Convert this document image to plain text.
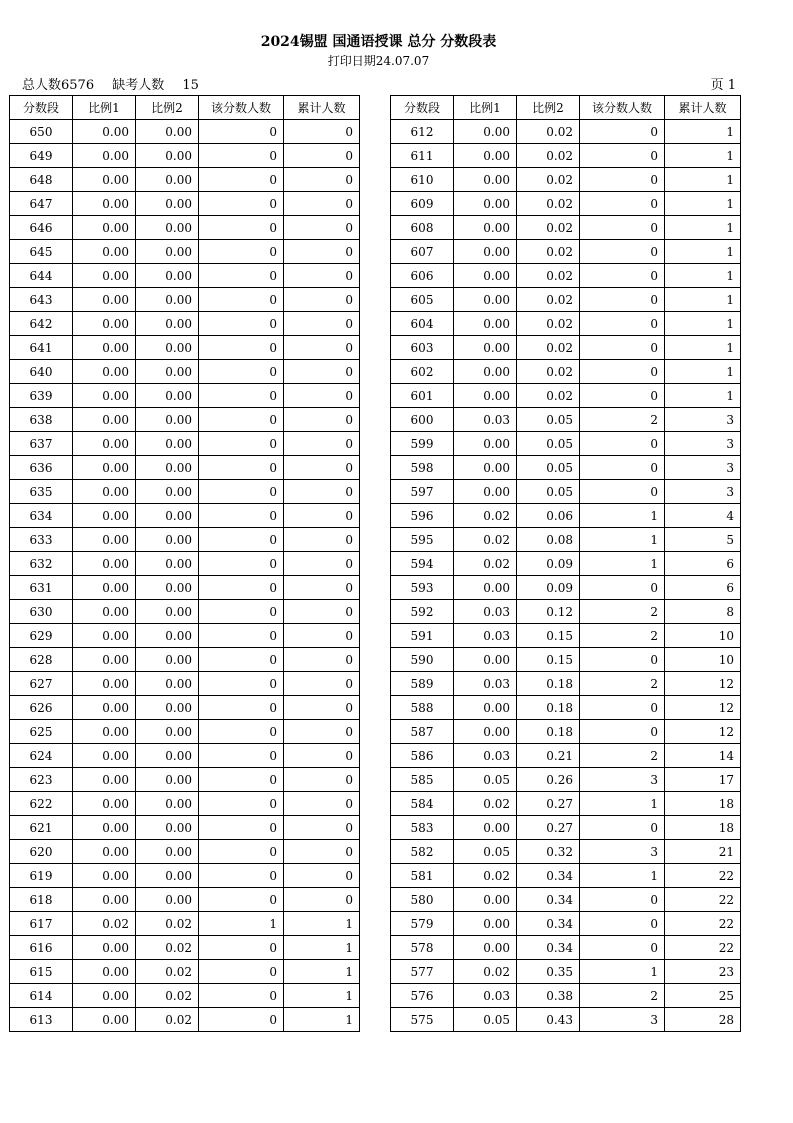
2024锡盟 国通语授课 总分 分数段表
打印日期24.07.07
总人数6576 缺考人数 15	页 1
分数段	比例1	比例2	该分数人数	累计人数
650	0.00	0.00	0	0
649	0.00	0.00	0	0
648	0.00	0.00	0	0
647	0.00	0.00	0	0
646	0.00	0.00	0	0
645	0.00	0.00	0	0
644	0.00	0.00	0	0
643	0.00	0.00	0	0
642	0.00	0.00	0	0
641	0.00	0.00	0	0
640	0.00	0.00	0	0
639	0.00	0.00	0	0
638	0.00	0.00	0	0
637	0.00	0.00	0	0
636	0.00	0.00	0	0
635	0.00	0.00	0	0
634	0.00	0.00	0	0
633	0.00	0.00	0	0
632	0.00	0.00	0	0
631	0.00	0.00	0	0
630	0.00	0.00	0	0
629	0.00	0.00	0	0
628	0.00	0.00	0	0
627	0.00	0.00	0	0
626	0.00	0.00	0	0
625	0.00	0.00	0	0
624	0.00	0.00	0	0
623	0.00	0.00	0	0
622	0.00	0.00	0	0
621	0.00	0.00	0	0
620	0.00	0.00	0	0
619	0.00	0.00	0	0
618	0.00	0.00	0	0
617	0.02	0.02	1	1
616	0.00	0.02	0	1
615	0.00	0.02	0	1
614	0.00	0.02	0	1
613	0.00	0.02	0	1
分数段	比例1	比例2	该分数人数	累计人数
612	0.00	0.02	0	1
611	0.00	0.02	0	1
610	0.00	0.02	0	1
609	0.00	0.02	0	1
608	0.00	0.02	0	1
607	0.00	0.02	0	1
606	0.00	0.02	0	1
605	0.00	0.02	0	1
604	0.00	0.02	0	1
603	0.00	0.02	0	1
602	0.00	0.02	0	1
601	0.00	0.02	0	1
600	0.03	0.05	2	3
599	0.00	0.05	0	3
598	0.00	0.05	0	3
597	0.00	0.05	0	3
596	0.02	0.06	1	4
595	0.02	0.08	1	5
594	0.02	0.09	1	6
593	0.00	0.09	0	6
592	0.03	0.12	2	8
591	0.03	0.15	2	10
590	0.00	0.15	0	10
589	0.03	0.18	2	12
588	0.00	0.18	0	12
587	0.00	0.18	0	12
586	0.03	0.21	2	14
585	0.05	0.26	3	17
584	0.02	0.27	1	18
583	0.00	0.27	0	18
582	0.05	0.32	3	21
581	0.02	0.34	1	22
580	0.00	0.34	0	22
579	0.00	0.34	0	22
578	0.00	0.34	0	22
577	0.02	0.35	1	23
576	0.03	0.38	2	25
575	0.05	0.43	3	28
